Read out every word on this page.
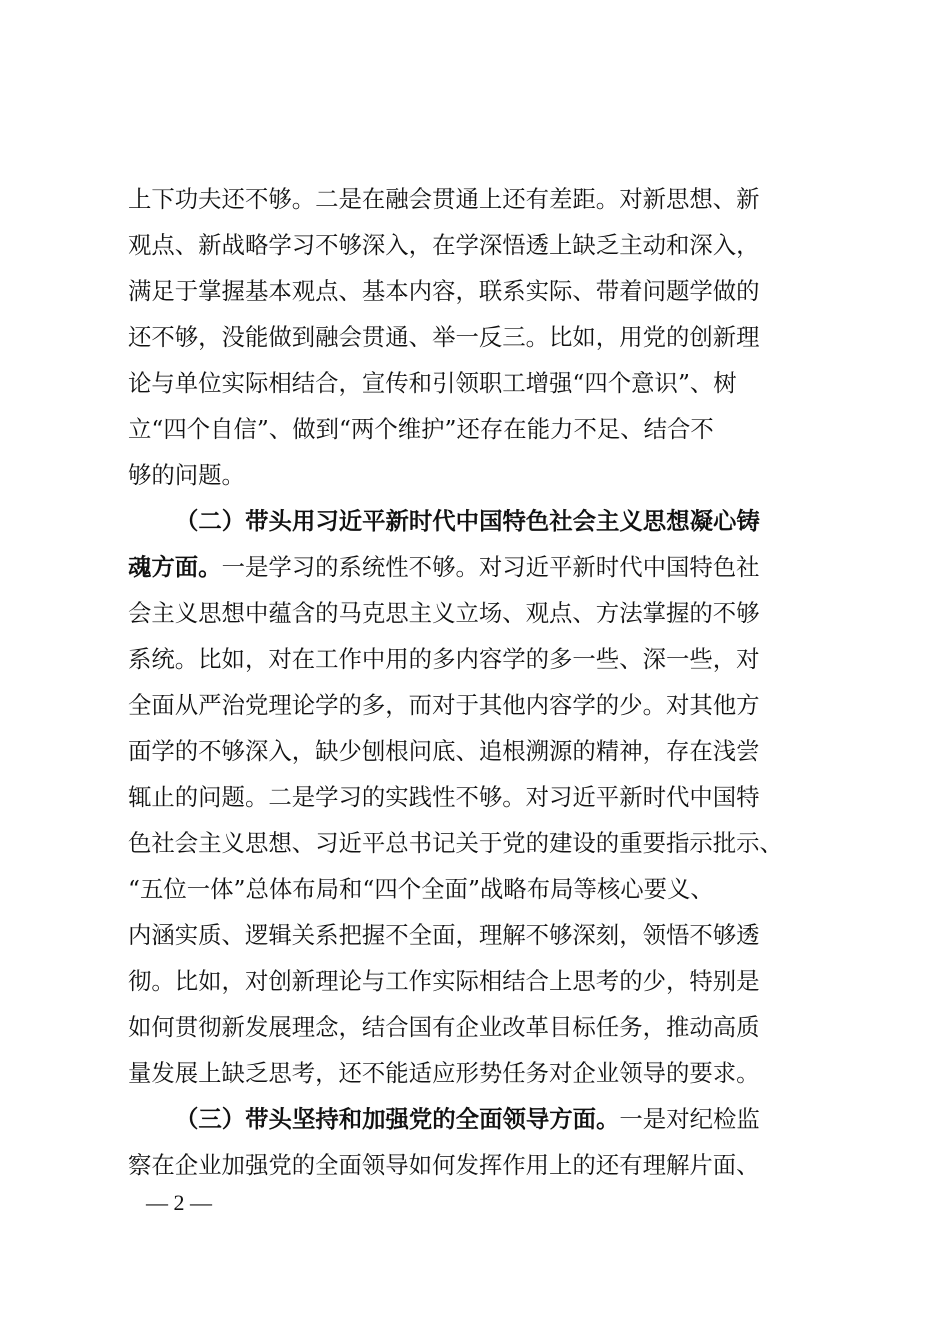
上下功夫还不够。二是在融会贯通上还有差距。对新思想、新
观点、新战略学习不够深入，在学深悟透上缺乏主动和深入，
满足于掌握基本观点、基本内容，联系实际、带着问题学做的
还不够，没能做到融会贯通、举一反三。比如，用党的创新理
论与单位实际相结合，宣传和引领职工增强“四个意识”、树
立“四个自信”、做到“两个维护”还存在能力不足、结合不
够的问题。
（二）带头用习近平新时代中国特色社会主义思想凝心铸
魂方面。一是学习的系统性不够。对习近平新时代中国特色社
会主义思想中蕴含的马克思主义立场、观点、方法掌握的不够
系统。比如，对在工作中用的多内容学的多一些、深一些，对
全面从严治党理论学的多，而对于其他内容学的少。对其他方
面学的不够深入，缺少刨根问底、追根溯源的精神，存在浅尝
辄止的问题。二是学习的实践性不够。对习近平新时代中国特
色社会主义思想、习近平总书记关于党的建设的重要指示批示、
“五位一体”总体布局和“四个全面”战略布局等核心要义、
内涵实质、逻辑关系把握不全面，理解不够深刻，领悟不够透
彻。比如，对创新理论与工作实际相结合上思考的少，特别是
如何贯彻新发展理念，结合国有企业改革目标任务，推动高质
量发展上缺乏思考，还不能适应形势任务对企业领导的要求。
（三）带头坚持和加强党的全面领导方面。一是对纪检监
察在企业加强党的全面领导如何发挥作用上的还有理解片面、
— 2 —
